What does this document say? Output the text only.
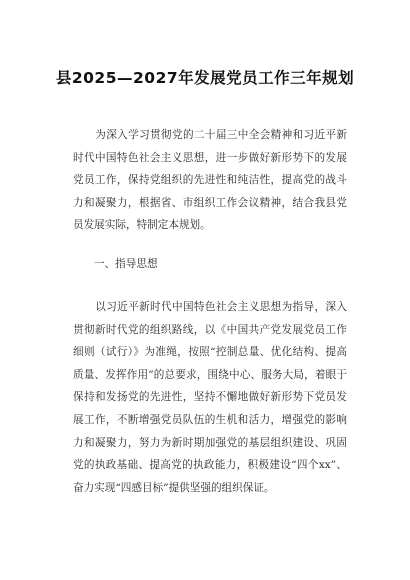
县2025—2027年发展党员工作三年规划

为深入学习贯彻党的二十届三中全会精神和习近平新时代中国特色社会主义思想，进一步做好新形势下的发展党员工作，保持党组织的先进性和纯洁性，提高党的战斗力和凝聚力，根据省、市组织工作会议精神，结合我县党员发展实际，特制定本规划。

一、指导思想

以习近平新时代中国特色社会主义思想为指导，深入贯彻新时代党的组织路线，以《中国共产党发展党员工作细则（试行）》为准绳，按照“控制总量、优化结构、提高质量、发挥作用”的总要求，围绕中心、服务大局，着眼于保持和发扬党的先进性，坚持不懈地做好新形势下党员发展工作，不断增强党员队伍的生机和活力，增强党的影响力和凝聚力，努力为新时期加强党的基层组织建设、巩固党的执政基础、提高党的执政能力，积极建设“四个xx”、奋力实现“四感目标”提供坚强的组织保证。
